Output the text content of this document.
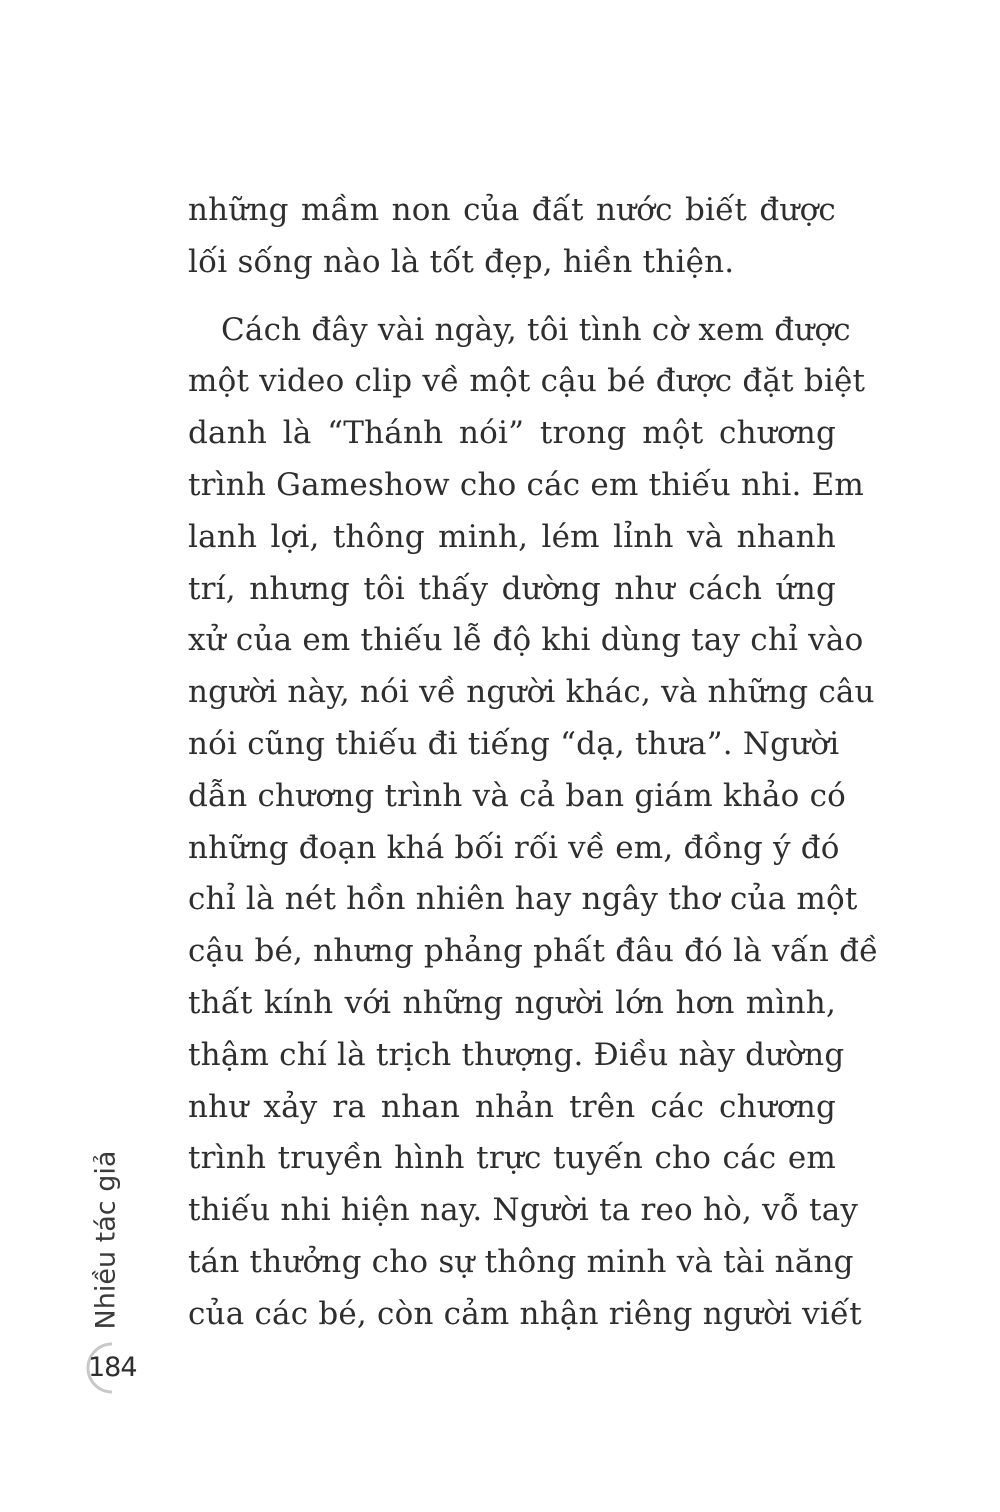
những mầm non của đất nước biết được
lối sống nào là tốt đẹp, hiền thiện.
Cách đây vài ngày, tôi tình cờ xem được
một video clip về một cậu bé được đặt biệt
danh là “Thánh nói” trong một chương
trình Gameshow cho các em thiếu nhi. Em
lanh lợi, thông minh, lém lỉnh và nhanh
trí, nhưng tôi thấy dường như cách ứng
xử của em thiếu lễ độ khi dùng tay chỉ vào
người này, nói về người khác, và những câu
nói cũng thiếu đi tiếng “dạ, thưa”. Người
dẫn chương trình và cả ban giám khảo có
những đoạn khá bối rối về em, đồng ý đó
chỉ là nét hồn nhiên hay ngây thơ của một
cậu bé, nhưng phảng phất đâu đó là vấn đề
thất kính với những người lớn hơn mình,
thậm chí là trịch thượng. Điều này dường
như xảy ra nhan nhản trên các chương
trình truyền hình trực tuyến cho các em
thiếu nhi hiện nay. Người ta reo hò, vỗ tay
tán thưởng cho sự thông minh và tài năng
của các bé, còn cảm nhận riêng người viết
Nhiều tác giả
184
